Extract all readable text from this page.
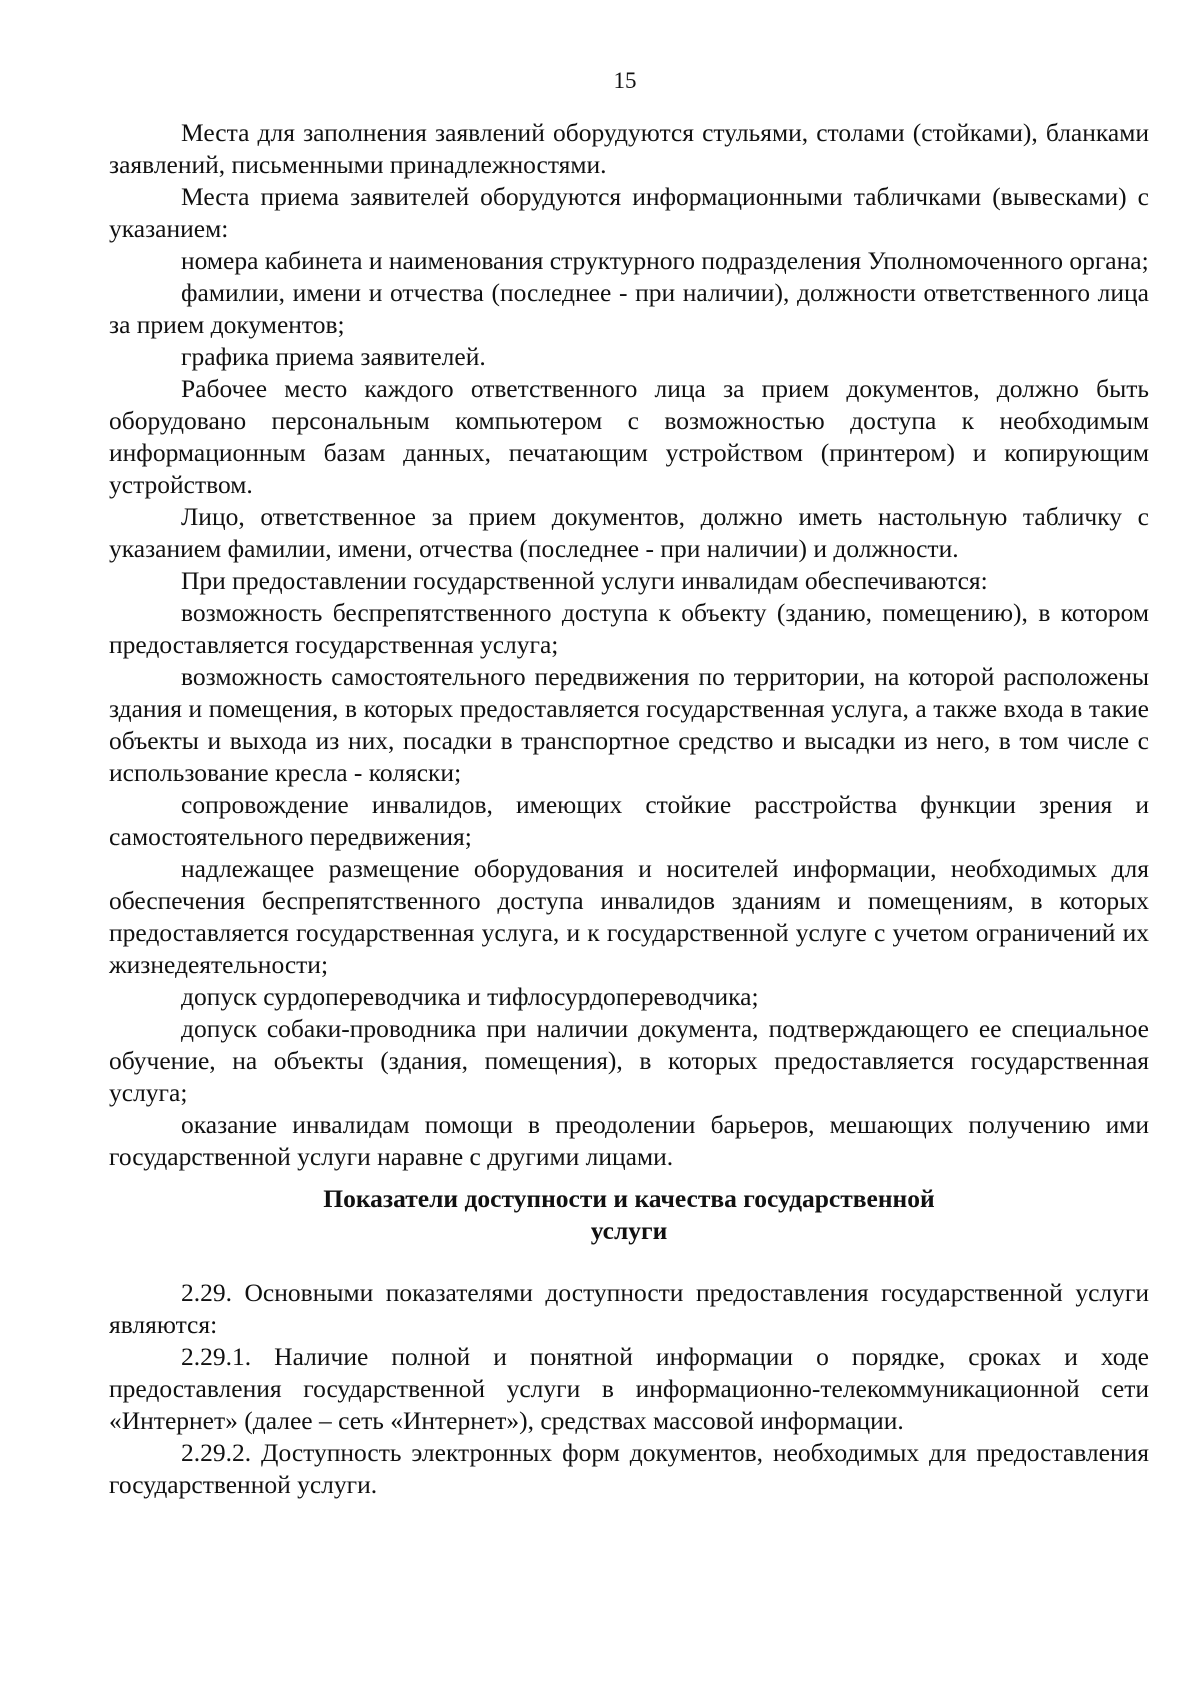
15

Места для заполнения заявлений оборудуются стульями, столами (стойками), бланками заявлений, письменными принадлежностями.

Места приема заявителей оборудуются информационными табличками (вывесками) с указанием:

номера кабинета и наименования структурного подразделения Уполномоченного органа;

фамилии, имени и отчества (последнее - при наличии), должности ответственного лица за прием документов;

графика приема заявителей.

Рабочее место каждого ответственного лица за прием документов, должно быть оборудовано персональным компьютером с возможностью доступа к необходимым информационным базам данных, печатающим устройством (принтером) и копирующим устройством.

Лицо, ответственное за прием документов, должно иметь настольную табличку с указанием фамилии, имени, отчества (последнее - при наличии) и должности.

При предоставлении государственной услуги инвалидам обеспечиваются:

возможность беспрепятственного доступа к объекту (зданию, помещению), в котором предоставляется государственная услуга;

возможность самостоятельного передвижения по территории, на которой расположены здания и помещения, в которых предоставляется государственная услуга, а также входа в такие объекты и выхода из них, посадки в транспортное средство и высадки из него, в том числе с использование кресла - коляски;

сопровождение инвалидов, имеющих стойкие расстройства функции зрения и самостоятельного передвижения;

надлежащее размещение оборудования и носителей информации, необходимых для обеспечения беспрепятственного доступа инвалидов зданиям и помещениям, в которых предоставляется государственная услуга, и к государственной услуге с учетом ограничений их жизнедеятельности;

допуск сурдопереводчика и тифлосурдопереводчика;

допуск собаки-проводника при наличии документа, подтверждающего ее специальное обучение, на объекты (здания, помещения), в которых предоставляется государственная услуга;

оказание инвалидам помощи в преодолении барьеров, мешающих получению ими государственной услуги наравне с другими лицами.

Показатели доступности и качества государственной
услуги

2.29. Основными показателями доступности предоставления государственной услуги являются:

2.29.1. Наличие полной и понятной информации о порядке, сроках и ходе предоставления государственной услуги в информационно-телекоммуникационной сети «Интернет» (далее – сеть «Интернет»), средствах массовой информации.

2.29.2. Доступность электронных форм документов, необходимых для предоставления государственной услуги.
